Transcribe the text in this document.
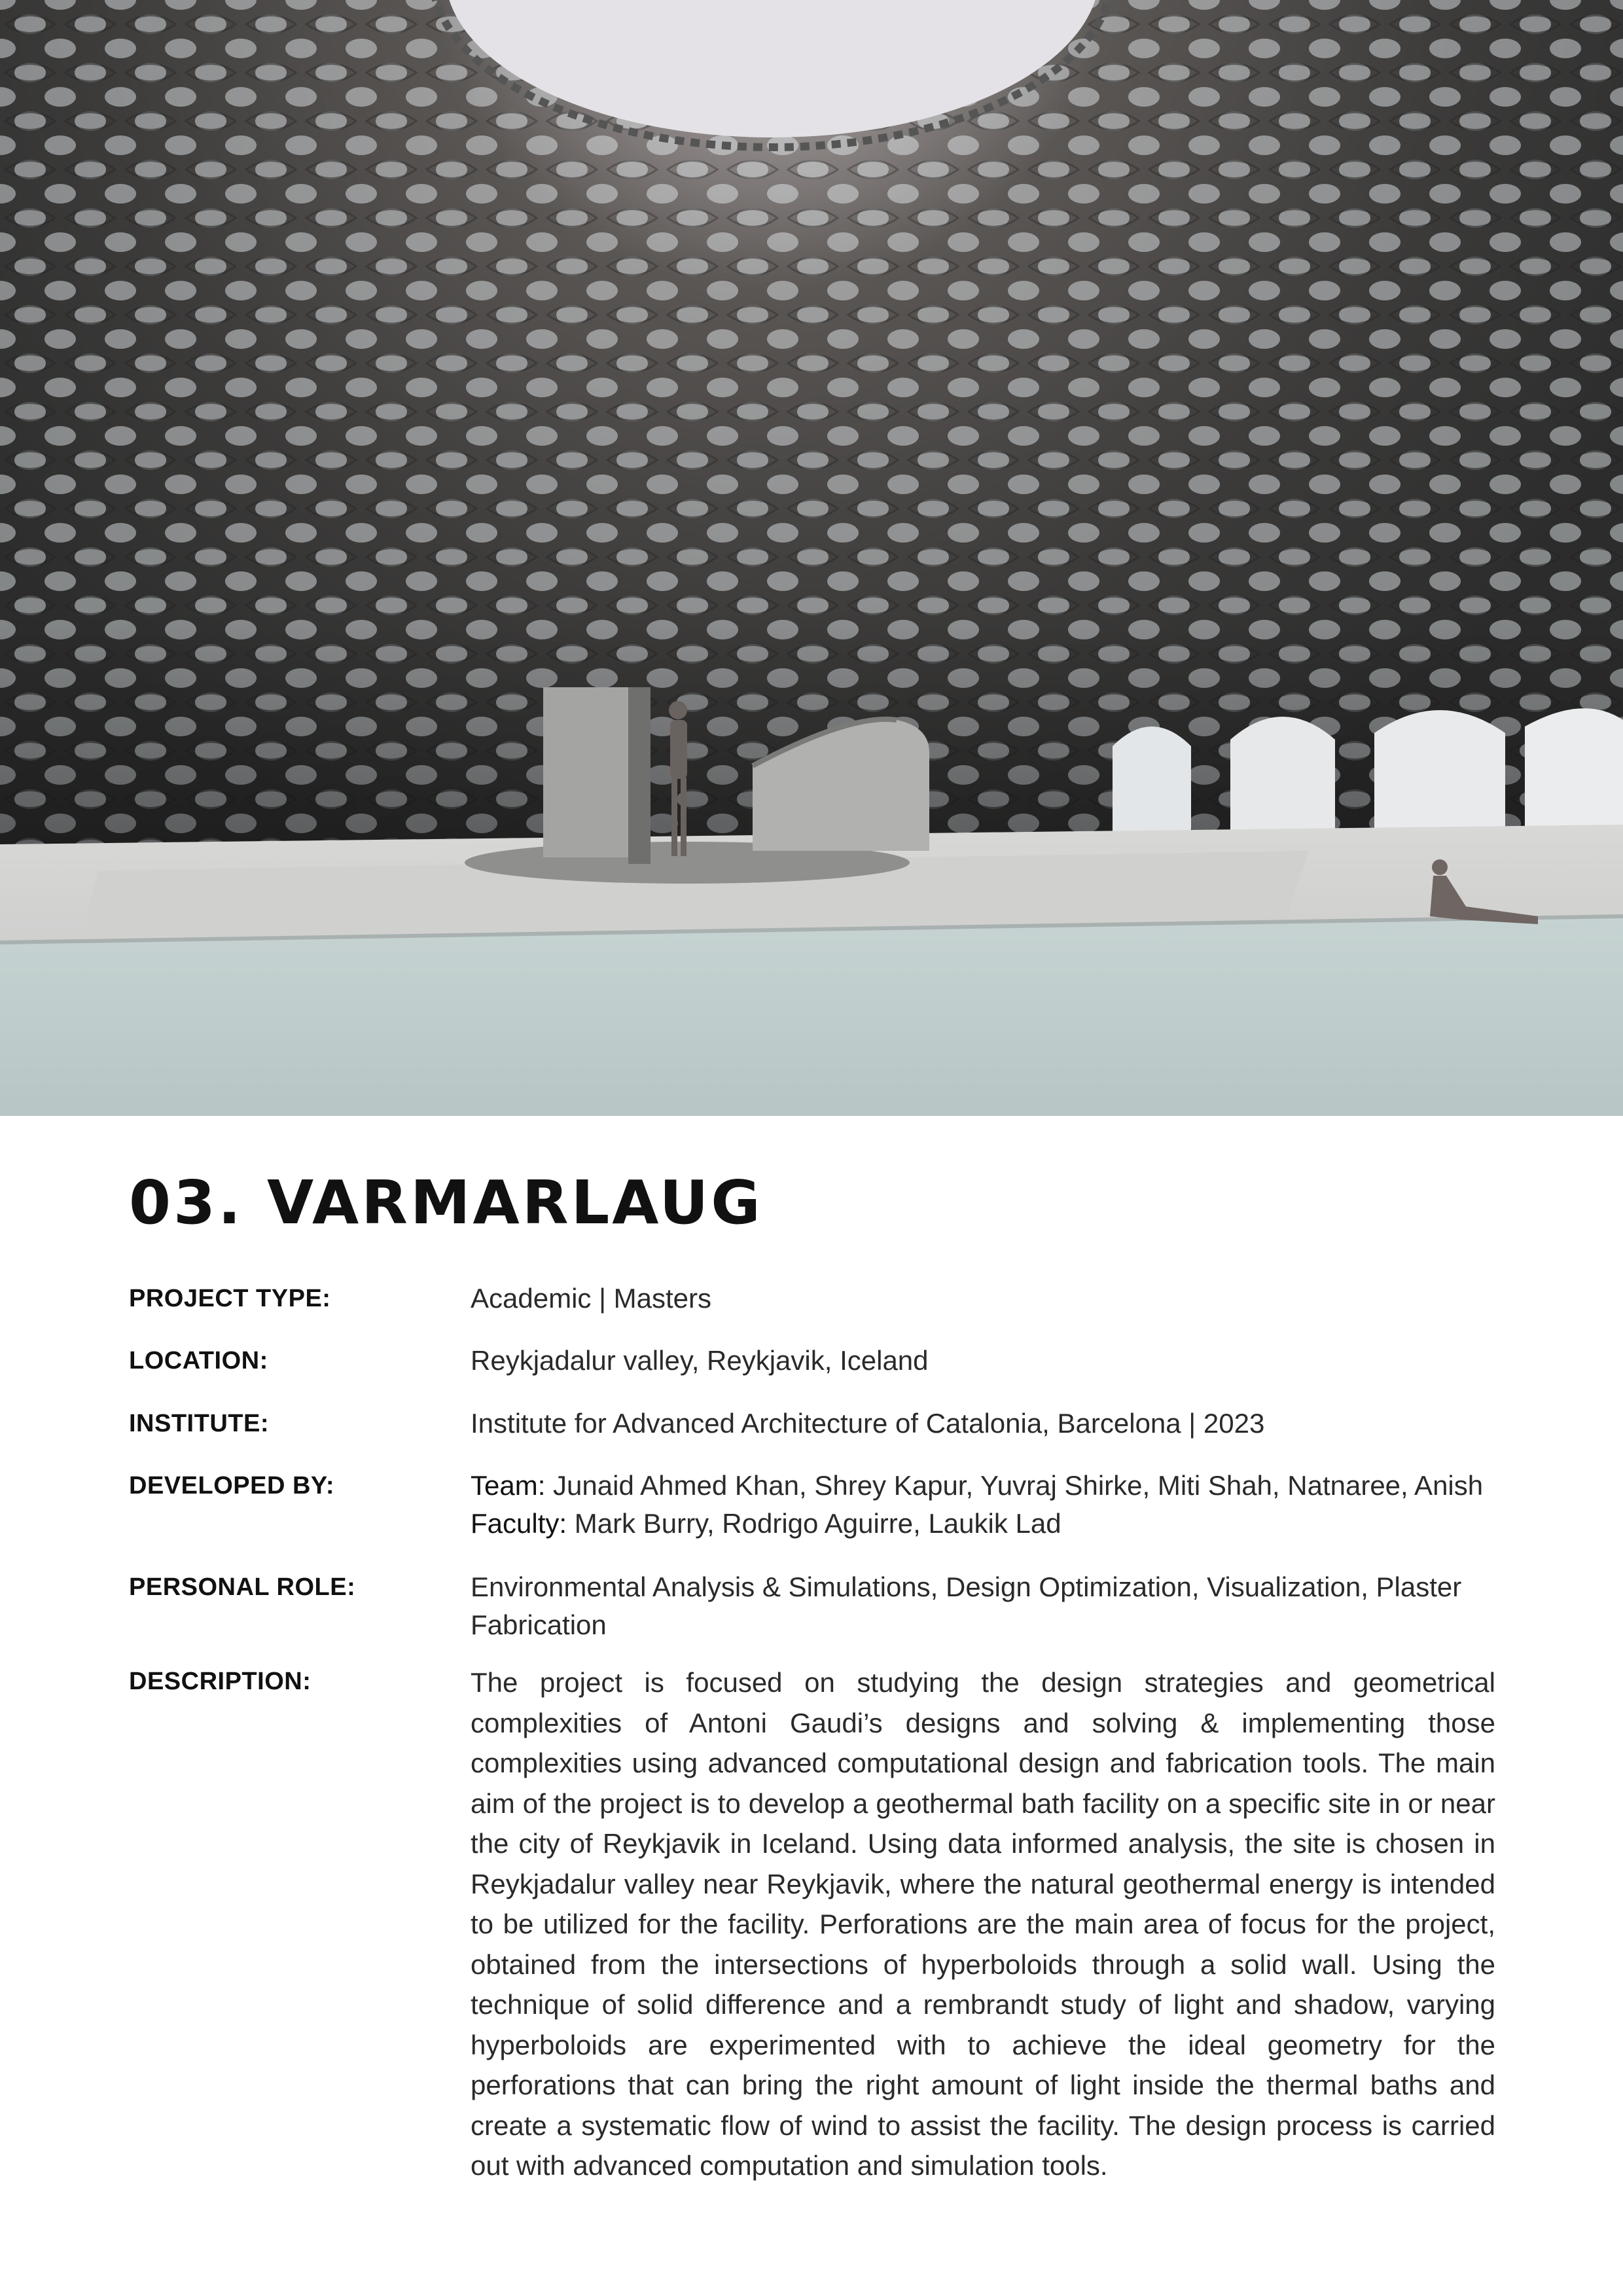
03. VARMARLAUG
PROJECT TYPE:	Academic | Masters
LOCATION:	Reykjadalur valley, Reykjavik, Iceland
INSTITUTE:	Institute for Advanced Architecture of Catalonia, Barcelona | 2023
DEVELOPED BY:	Team: Junaid Ahmed Khan, Shrey Kapur, Yuvraj Shirke, Miti Shah, Natnaree, Anish

Faculty: Mark Burry, Rodrigo Aguirre, Laukik Lad

PERSONAL ROLE:	Environmental Analysis & Simulations, Design Optimization, Visualization, Plaster Fabrication
DESCRIPTION:	The project is focused on studying the design strategies and geometrical complexities of Antoni Gaudi’s designs and solving & implementing those complexities using advanced computational design and fabrication tools. The main aim of the project is to develop a geothermal bath facility on a specific site in or near the city of Reykjavik in Iceland. Using data informed analysis, the site is chosen in Reykjadalur valley near Reykjavik, where the natural geothermal energy is intended to be utilized for the facility. Perforations are the main area of focus for the project, obtained from the intersections of hyperboloids through a solid wall. Using the technique of solid difference and a rembrandt study of light and shadow, varying hyperboloids are experimented with to achieve the ideal geometry for the perforations that can bring the right amount of light inside the thermal baths and create a systematic flow of wind to assist the facility. The design process is carried out with advanced computation and simulation tools.
